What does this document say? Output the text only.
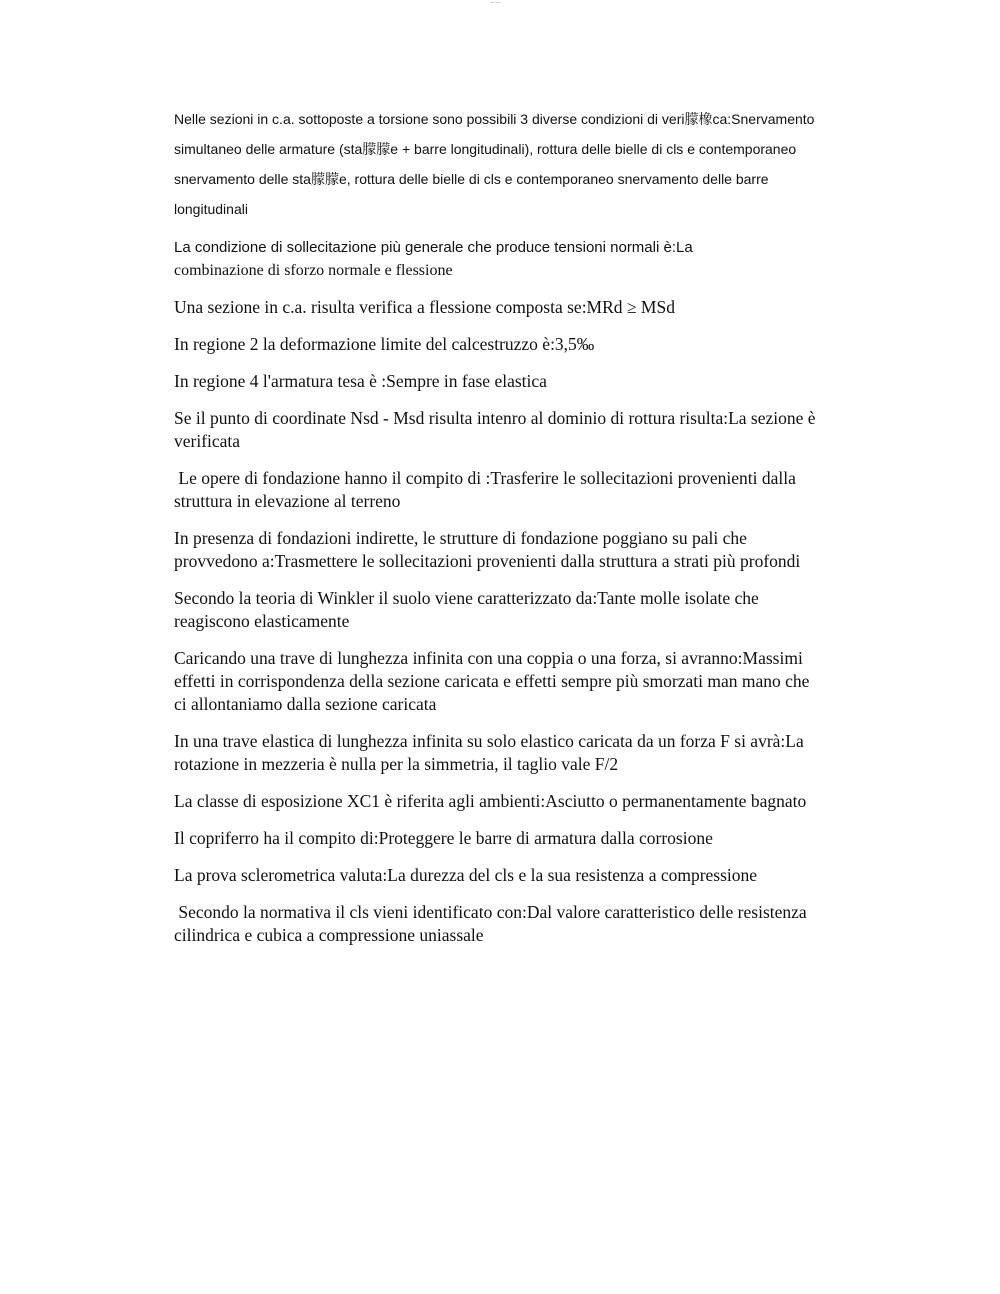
——

Nelle sezioni in c.a. sottoposte a torsione sono possibili 3 diverse condizioni di veri朦橡ca:Snervamento simultaneo delle armature (sta朦朦e + barre longitudinali), rottura delle bielle di cls e contemporaneo snervamento delle sta朦朦e, rottura delle bielle di cls e contemporaneo snervamento delle barre longitudinali

La condizione di sollecitazione più generale che produce tensioni normali è:La
combinazione di sforzo normale e flessione

Una sezione in c.a. risulta verifica a flessione composta se:MRd ≥ MSd

In regione 2 la deformazione limite del calcestruzzo è:3,5‰

In regione 4 l'armatura tesa è :Sempre in fase elastica

Se il punto di coordinate Nsd - Msd risulta intenro al dominio di rottura risulta:La sezione è verificata

Le opere di fondazione hanno il compito di :Trasferire le sollecitazioni provenienti dalla struttura in elevazione al terreno

In presenza di fondazioni indirette, le strutture di fondazione poggiano su pali che provvedono a:Trasmettere le sollecitazioni provenienti dalla struttura a strati più profondi

Secondo la teoria di Winkler il suolo viene caratterizzato da:Tante molle isolate che reagiscono elasticamente

Caricando una trave di lunghezza infinita con una coppia o una forza, si avranno:Massimi effetti in corrispondenza della sezione caricata e effetti sempre più smorzati man mano che ci allontaniamo dalla sezione caricata

In una trave elastica di lunghezza infinita su solo elastico caricata da un forza F si avrà:La rotazione in mezzeria è nulla per la simmetria, il taglio vale F/2

La classe di esposizione XC1 è riferita agli ambienti:Asciutto o permanentamente bagnato

Il copriferro ha il compito di:Proteggere le barre di armatura dalla corrosione

La prova sclerometrica valuta:La durezza del cls e la sua resistenza a compressione

Secondo la normativa il cls vieni identificato con:Dal valore caratteristico delle resistenza cilindrica e cubica a compressione uniassale
